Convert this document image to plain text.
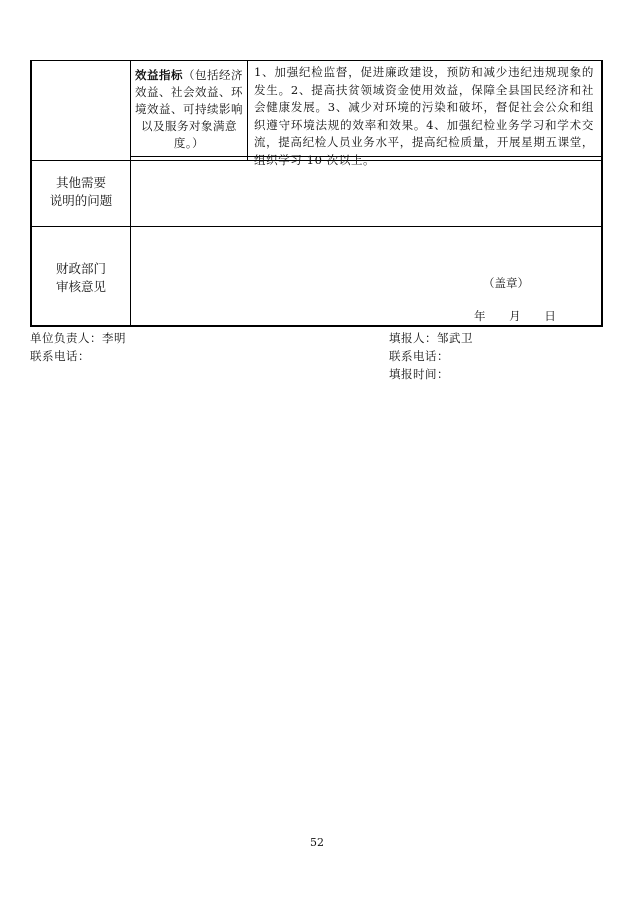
效益指标（包括经济效益、社会效益、环境效益、可持续影响以及服务对象满意度。）
1、加强纪检监督，促进廉政建设，预防和减少违纪违规现象的发生。2、提高扶贫领域资金使用效益，保障全县国民经济和社会健康发展。3、减少对环境的污染和破坏，督促社会公众和组织遵守环境法规的效率和效果。4、加强纪检业务学习和学术交流，提高纪检人员业务水平，提高纪检质量，开展星期五课堂，组织学习 10 次以上。
其他需要
说明的问题
财政部门
审核意见	（盖章）
年 月 日
单位负责人：李明
联系电话：
填报人：邹武卫
联系电话：
填报时间：
52
